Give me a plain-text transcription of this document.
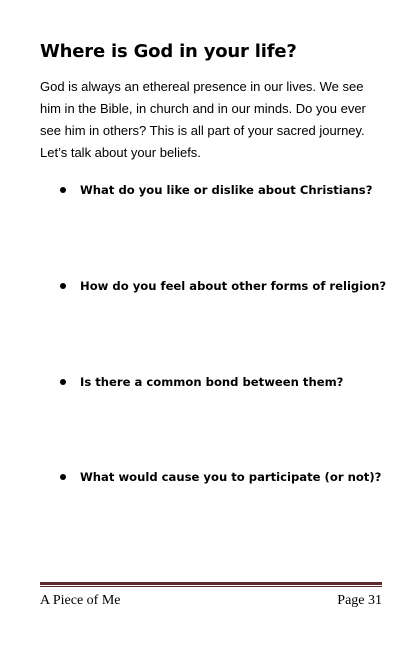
Where is God in your life?
God is always an ethereal presence in our lives. We see him in the Bible, in church and in our minds. Do you ever see him in others? This is all part of your sacred journey. Let’s talk about your beliefs.
What do you like or dislike about Christians?
How do you feel about other forms of religion?
Is there a common bond between them?
What would cause you to participate (or not)?
A Piece of Me	Page 31
